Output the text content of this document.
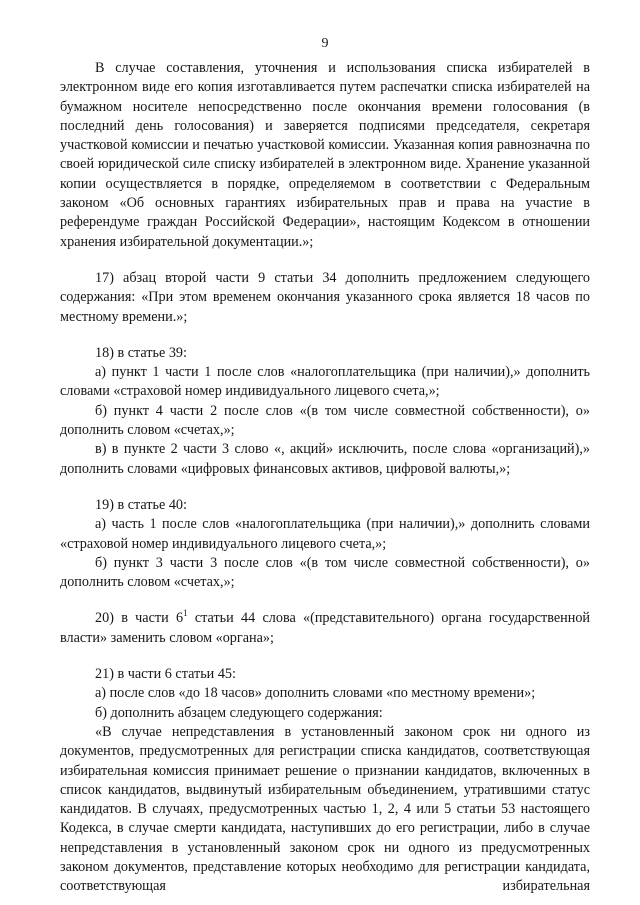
9

В случае составления, уточнения и использования списка избирателей в электронном виде его копия изготавливается путем распечатки списка избирателей на бумажном носителе непосредственно после окончания времени голосования (в последний день голосования) и заверяется подписями председателя, секретаря участковой комиссии и печатью участковой комиссии. Указанная копия равнозначна по своей юридической силе списку избирателей в электронном виде. Хранение указанной копии осуществляется в порядке, определяемом в соответствии с Федеральным законом «Об основных гарантиях избирательных прав и права на участие в референдуме граждан Российской Федерации», настоящим Кодексом в отношении хранения избирательной документации.»;

17) абзац второй части 9 статьи 34 дополнить предложением следующего содержания: «При этом временем окончания указанного срока является 18 часов по местному времени.»;

18) в статье 39:

а) пункт 1 части 1 после слов «налогоплательщика (при наличии),» дополнить словами «страховой номер индивидуального лицевого счета,»;

б) пункт 4 части 2 после слов «(в том числе совместной собственности), о» дополнить словом «счетах,»;

в) в пункте 2 части 3 слово «, акций» исключить, после слова «организаций),» дополнить словами «цифровых финансовых активов, цифровой валюты,»;

19) в статье 40:

а) часть 1 после слов «налогоплательщика (при наличии),» дополнить словами «страховой номер индивидуального лицевого счета,»;

б) пункт 3 части 3 после слов «(в том числе совместной собственности), о» дополнить словом «счетах,»;

20) в части $6^1$ статьи 44 слова «(представительного) органа государственной власти» заменить словом «органа»;

21) в части 6 статьи 45:

а) после слов «до 18 часов» дополнить словами «по местному времени»;

б) дополнить абзацем следующего содержания:

«В случае непредставления в установленный законом срок ни одного из документов, предусмотренных для регистрации списка кандидатов, соответствующая избирательная комиссия принимает решение о признании кандидатов, включенных в список кандидатов, выдвинутый избирательным объединением, утратившими статус кандидатов. В случаях, предусмотренных частью 1, 2, 4 или 5 статьи 53 настоящего Кодекса, в случае смерти кандидата, наступивших до его регистрации, либо в случае непредставления в установленный законом срок ни одного из предусмотренных законом документов, представление которых необходимо для регистрации кандидата, соответствующая избирательная
